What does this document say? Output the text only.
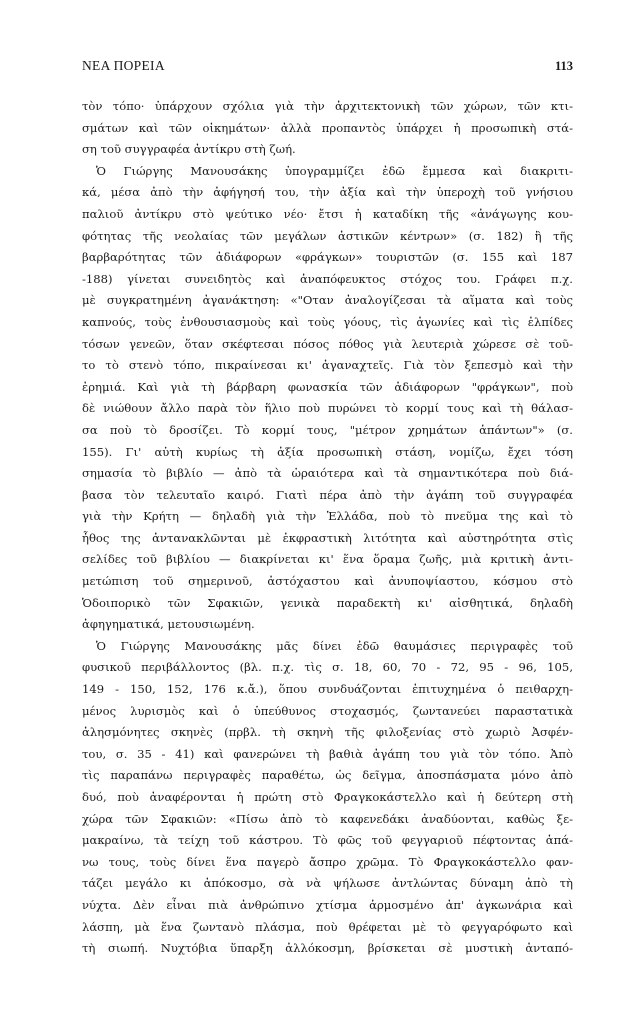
ΝΕΑ ΠΟΡΕΙΑ	113
τὸν τόπο· ὑπάρχουν σχόλια γιὰ τὴν ἀρχιτεκτονικὴ τῶν χώρων, τῶν κτι-
σμάτων καὶ τῶν οἰκημάτων· ἀλλὰ προπαντὸς ὑπάρχει ἡ προσωπικὴ στά-
ση τοῦ συγγραφέα ἀντίκρυ στὴ ζωή.
Ὁ Γιώργης Μανουσάκης ὑπογραμμίζει ἐδῶ ἔμμεσα καὶ διακριτι-
κά, μέσα ἀπὸ τὴν ἀφήγησή του, τὴν ἀξία καὶ τὴν ὑπεροχὴ τοῦ γνήσιου
παλιοῦ ἀντίκρυ στὸ ψεύτικο νέο· ἔτσι ἡ καταδίκη τῆς «ἀνάγωγης κου-
φότητας τῆς νεολαίας τῶν μεγάλων ἀστικῶν κέντρων» (σ. 182) ἢ τῆς
βαρβαρότητας τῶν ἀδιάφορων «φράγκων» τουριστῶν (σ. 155 καὶ 187
-188) γίνεται συνειδητὸς καὶ ἀναπόφευκτος στόχος του. Γράφει π.χ.
μὲ συγκρατημένη ἀγανάκτηση: «"Οταν ἀναλογίζεσαι τὰ αἵματα καὶ τοὺς
καπνούς, τοὺς ἐνθουσιασμοὺς καὶ τοὺς γόους, τὶς ἀγωνίες καὶ τὶς ἐλπίδες
τόσων γενεῶν, ὅταν σκέφτεσαι πόσος πόθος γιὰ λευτεριὰ χώρεσε σὲ τοῦ-
το τὸ στενὸ τόπο, πικραίνεσαι κι' ἀγαναχτεῖς. Γιὰ τὸν ξεπεσμὸ καὶ τὴν
ἐρημιά. Καὶ γιὰ τὴ βάρβαρη φωνασκία τῶν ἀδιάφορων "φράγκων", ποὺ
δὲ νιώθουν ἄλλο παρὰ τὸν ἥλιο ποὺ πυρώνει τὸ κορμί τους καὶ τὴ θάλασ-
σα ποὺ τὸ δροσίζει. Τὸ κορμί τους, "μέτρον χρημάτων ἁπάντων"» (σ.
155). Γι' αὐτὴ κυρίως τὴ ἀξία προσωπικὴ στάση, νομίζω, ἔχει τόση
σημασία τὸ βιβλίο — ἀπὸ τὰ ὡραιότερα καὶ τὰ σημαντικότερα ποὺ διά-
βασα τὸν τελευταῖο καιρό. Γιατὶ πέρα ἀπὸ τὴν ἀγάπη τοῦ συγγραφέα
γιὰ τὴν Κρήτη — δηλαδὴ γιὰ τὴν Ἑλλάδα, ποὺ τὸ πνεῦμα της καὶ τὸ
ἦθος της ἀντανακλῶνται μὲ ἐκφραστικὴ λιτότητα καὶ αὐστηρότητα στὶς
σελίδες τοῦ βιβλίου — διακρίνεται κι' ἕνα ὅραμα ζωῆς, μιὰ κριτικὴ ἀντι-
μετώπιση τοῦ σημερινοῦ, ἀστόχαστου καὶ ἀνυποψίαστου, κόσμου στὸ
Ὁδοιπορικὸ τῶν Σφακιῶν, γενικὰ παραδεκτὴ κι' αἰσθητικά, δηλαδὴ
ἀφηγηματικά, μετουσιωμένη.
Ὁ Γιώργης Μανουσάκης μᾶς δίνει ἐδῶ θαυμάσιες περιγραφὲς τοῦ
φυσικοῦ περιβάλλοντος (βλ. π.χ. τὶς σ. 18, 60, 70 - 72, 95 - 96, 105,
149 - 150, 152, 176 κ.ἄ.), ὅπου συνδυάζονται ἐπιτυχημένα ὁ πειθαρχη-
μένος λυρισμὸς καὶ ὁ ὑπεύθυνος στοχασμός, ζωντανεύει παραστατικὰ
ἀλησμόνητες σκηνὲς (πρβλ. τὴ σκηνὴ τῆς φιλοξενίας στὸ χωριὸ Ἀσφέν-
του, σ. 35 - 41) καὶ φανερώνει τὴ βαθιὰ ἀγάπη του γιὰ τὸν τόπο. Ἀπὸ
τὶς παραπάνω περιγραφὲς παραθέτω, ὡς δεῖγμα, ἀποσπάσματα μόνο ἀπὸ
δυό, ποὺ ἀναφέρονται ἡ πρώτη στὸ Φραγκοκάστελλο καὶ ἡ δεύτερη στὴ
χώρα τῶν Σφακιῶν: «Πίσω ἀπὸ τὸ καφενεδάκι ἀναδύονται, καθὼς ξε-
μακραίνω, τὰ τείχη τοῦ κάστρου. Τὸ φῶς τοῦ φεγγαριοῦ πέφτοντας ἀπά-
νω τους, τοὺς δίνει ἕνα παγερὸ ἄσπρο χρῶμα. Τὸ Φραγκοκάστελλο φαν-
τάζει μεγάλο κι ἀπόκοσμο, σὰ νὰ ψήλωσε ἀντλώντας δύναμη ἀπὸ τὴ
νύχτα. Δὲν εἶναι πιὰ ἀνθρώπινο χτίσμα ἁρμοσμένο ἀπ' ἀγκωνάρια καὶ
λάσπη, μὰ ἕνα ζωντανὸ πλάσμα, ποὺ θρέφεται μὲ τὸ φεγγαρόφωτο καὶ
τὴ σιωπή. Νυχτόβια ὕπαρξη ἀλλόκοσμη, βρίσκεται σὲ μυστικὴ ἀνταπό-
